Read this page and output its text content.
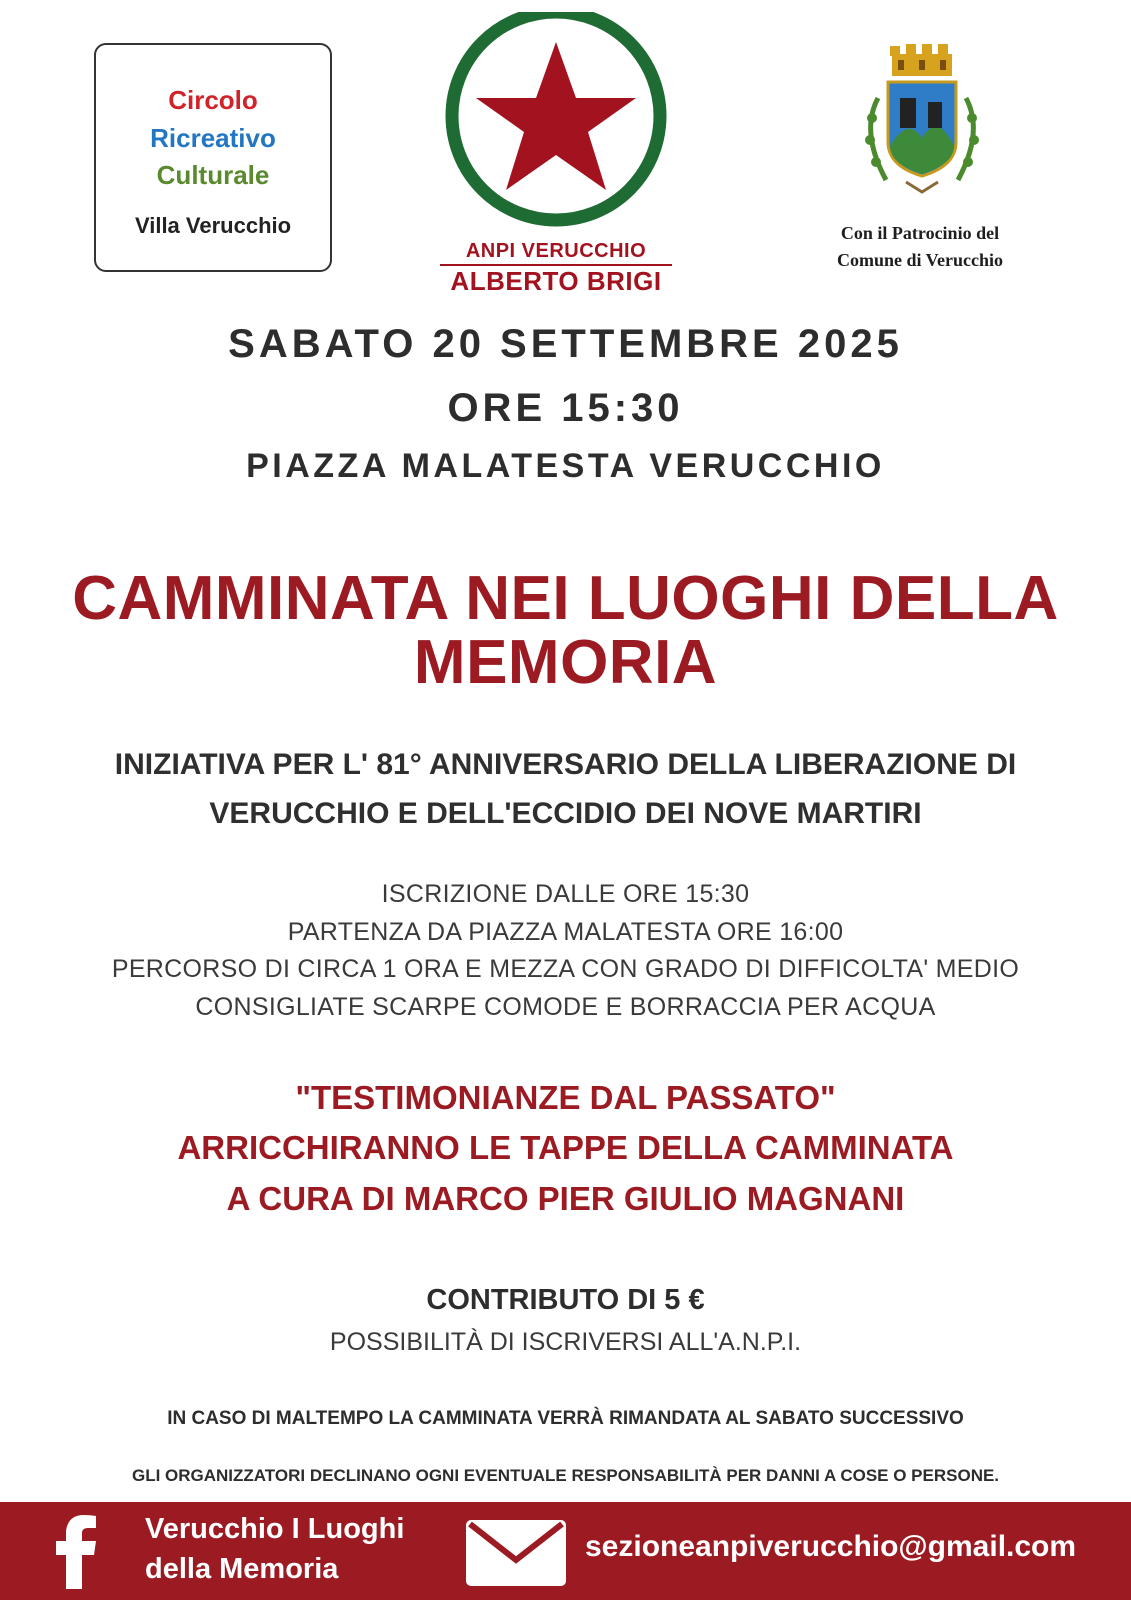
Circolo
Ricreativo
Culturale
Villa Verucchio
ANPI VERUCCHIO
ALBERTO BRIGI
Con il Patrocinio del
Comune di Verucchio
SABATO 20 SETTEMBRE 2025
ORE 15:30
PIAZZA MALATESTA VERUCCHIO
CAMMINATA NEI LUOGHI DELLA
MEMORIA
INIZIATIVA PER L' 81° ANNIVERSARIO DELLA LIBERAZIONE DI
VERUCCHIO E DELL'ECCIDIO DEI NOVE MARTIRI
ISCRIZIONE DALLE ORE 15:30
PARTENZA DA PIAZZA MALATESTA ORE 16:00
PERCORSO DI CIRCA 1 ORA E MEZZA CON GRADO DI DIFFICOLTA' MEDIO
CONSIGLIATE SCARPE COMODE E BORRACCIA PER ACQUA
"TESTIMONIANZE DAL PASSATO"
ARRICCHIRANNO LE TAPPE DELLA CAMMINATA
A CURA DI MARCO PIER GIULIO MAGNANI
CONTRIBUTO DI 5 €
POSSIBILITÀ DI ISCRIVERSI ALL'A.N.P.I.
IN CASO DI MALTEMPO LA CAMMINATA VERRÀ RIMANDATA AL SABATO SUCCESSIVO
GLI ORGANIZZATORI DECLINANO OGNI EVENTUALE RESPONSABILITÀ PER DANNI A COSE O PERSONE.
Verucchio I Luoghi
della Memoria
sezioneanpiverucchio@gmail.com
